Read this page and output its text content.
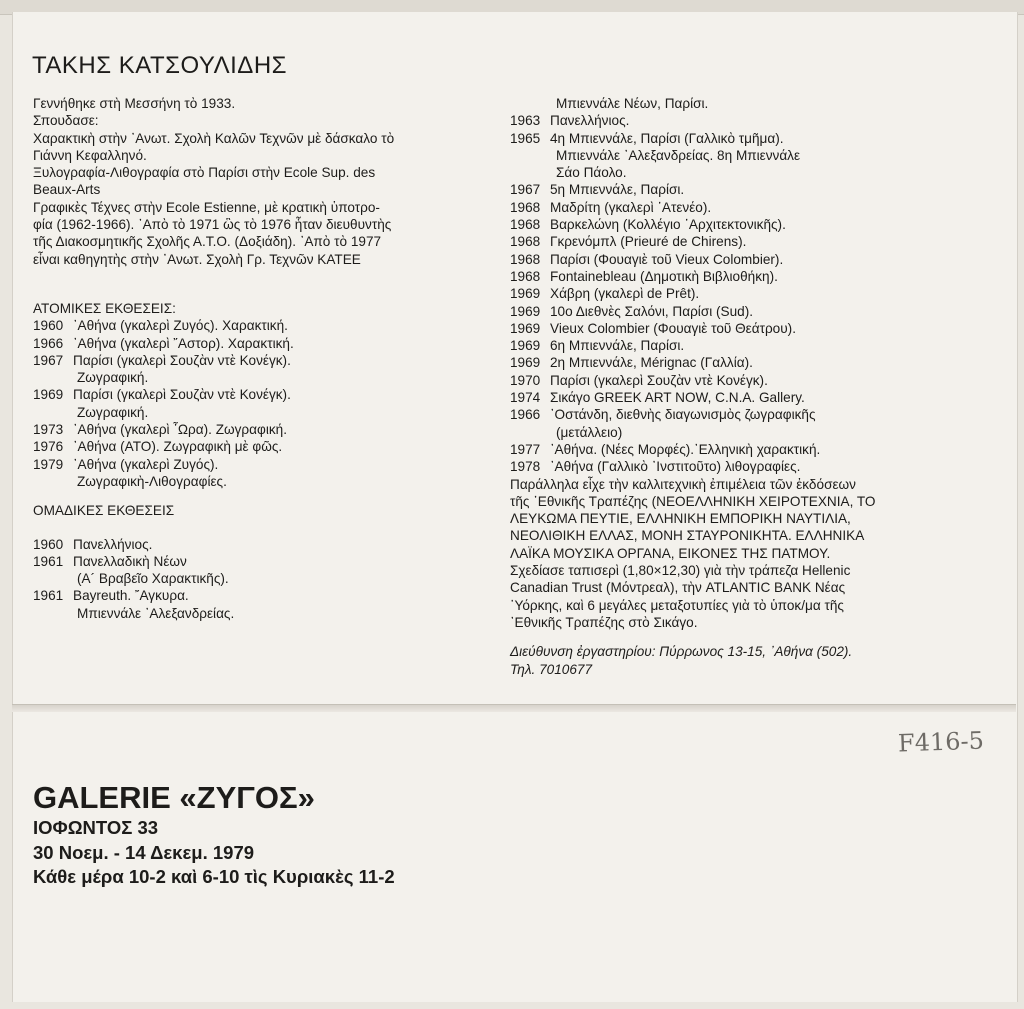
ΤΑΚΗΣ ΚΑΤΣΟΥΛΙΔΗΣ
Γεννήθηκε στὴ Μεσσήνη τὸ 1933.
Σπουδασε:
Χαρακτικὴ στὴν ᾿Ανωτ. Σχολὴ Καλῶν Τεχνῶν μὲ δάσκαλο τὸ
Γιάννη Κεφαλληνό.
Ξυλογραφία-Λιθογραφία στὸ Παρίσι στὴν Ecole Sup. des
Beaux-Arts
Γραφικὲς Τέχνες στὴν Ecole Estienne, μὲ κρατικὴ ὑποτρο-
φία (1962-1966). ᾿Απὸ τὸ 1971 ὣς τὸ 1976 ἦταν διευθυντὴς
τῆς Διακοσμητικῆς Σχολῆς Α.Τ.Ο. (Δοξιάδη). ᾿Απὸ τὸ 1977
εἶναι καθηγητὴς στὴν ᾿Ανωτ. Σχολὴ Γρ. Τεχνῶν ΚΑΤΕΕ
ΑΤΟΜΙΚΕΣ ΕΚΘΕΣΕΙΣ:
1960 ᾿Αθήνα (γκαλερὶ Ζυγός). Χαρακτική.
1966 ᾿Αθήνα (γκαλερὶ ῎Αστορ). Χαρακτική.
1967 Παρίσι (γκαλερὶ Σουζὰν ντὲ Κονέγκ).
Ζωγραφική.
1969 Παρίσι (γκαλερὶ Σουζὰν ντὲ Κονέγκ).
Ζωγραφική.
1973 ᾿Αθήνα (γκαλερὶ ῟Ωρα). Ζωγραφική.
1976 ᾿Αθήνα (ΑΤΟ). Ζωγραφικὴ μὲ φῶς.
1979 ᾿Αθήνα (γκαλερὶ Ζυγός).
Ζωγραφικὴ-Λιθογραφίες.
ΟΜΑΔΙΚΕΣ ΕΚΘΕΣΕΙΣ
1960 Πανελλήνιος.
1961 Πανελλαδικὴ Νέων
(Α´ Βραβεῖο Χαρακτικῆς).
1961 Bayreuth. ῎Αγκυρα.
Μπιεννάλε ᾿Αλεξανδρείας.
Μπιεννάλε Νέων, Παρίσι.
1963 Πανελλήνιος.
1965 4η Μπιεννάλε, Παρίσι (Γαλλικὸ τμῆμα).
Μπιεννάλε ᾿Αλεξανδρείας. 8η Μπιεννάλε
Σάο Πάολο.
1967 5η Μπιεννάλε, Παρίσι.
1968 Μαδρίτη (γκαλερὶ ᾿Ατενέο).
1968 Βαρκελώνη (Κολλέγιο ᾿Αρχιτεκτονικῆς).
1968 Γκρενόμπλ (Prieuré de Chirens).
1968 Παρίσι (Φουαγιὲ τοῦ Vieux Colombier).
1968 Fontainebleau (Δημοτικὴ Βιβλιοθήκη).
1969 Χάβρη (γκαλερὶ de Prêt).
1969 10ο Διεθνὲς Σαλόνι, Παρίσι (Sud).
1969 Vieux Colombier (Φουαγιὲ τοῦ Θεάτρου).
1969 6η Μπιεννάλε, Παρίσι.
1969 2η Μπιεννάλε, Mérignac (Γαλλία).
1970 Παρίσι (γκαλερὶ Σουζὰν ντὲ Κονέγκ).
1974 Σικάγο GREEK ART NOW, C.N.A. Gallery.
1966 ᾿Οστάνδη, διεθνὴς διαγωνισμὸς ζωγραφικῆς
(μετάλλειο)
1977 ᾿Αθήνα. (Νέες Μορφές).᾿Ελληνικὴ χαρακτική.
1978 ᾿Αθήνα (Γαλλικὸ ᾿Ινστιτοῦτο) λιθογραφίες.
Παράλληλα εἶχε τὴν καλλιτεχνικὴ ἐπιμέλεια τῶν ἐκδόσεων
τῆς ᾿Εθνικῆς Τραπέζης (ΝΕΟΕΛΛΗΝΙΚΗ ΧΕΙΡΟΤΕΧΝΙΑ, ΤΟ
ΛΕΥΚΩΜΑ ΠΕΥΤΙΕ, ΕΛΛΗΝΙΚΗ ΕΜΠΟΡΙΚΗ ΝΑΥΤΙΛΙΑ,
ΝΕΟΛΙΘΙΚΗ ΕΛΛΑΣ, ΜΟΝΗ ΣΤΑΥΡΟΝΙΚΗΤΑ. ΕΛΛΗΝΙΚΑ
ΛΑΪΚΑ ΜΟΥΣΙΚΑ ΟΡΓΑΝΑ, ΕΙΚΟΝΕΣ ΤΗΣ ΠΑΤΜΟΥ.
Σχεδίασε ταπισερὶ (1,80×12,30) γιὰ τὴν τράπεζα Hellenic
Canadian Trust (Μόντρεαλ), τὴν ATLANTIC BANK Νέας
῾Υόρκης, καὶ 6 μεγάλες μεταξοτυπίες γιὰ τὸ ὑποκ/μα τῆς
᾿Εθνικῆς Τραπέζης στὸ Σικάγο.
Διεύθυνση ἐργαστηρίου: Πύρρωνος 13-15, ᾿Αθήνα (502).
Τηλ. 7010677
F416-5
GALERIE «ΖΥΓΟΣ»
ΙΟΦΩΝΤΟΣ 33
30 Νοεμ. - 14 Δεκεμ. 1979
Κάθε μέρα 10-2 καὶ 6-10 τὶς Κυριακὲς 11-2
